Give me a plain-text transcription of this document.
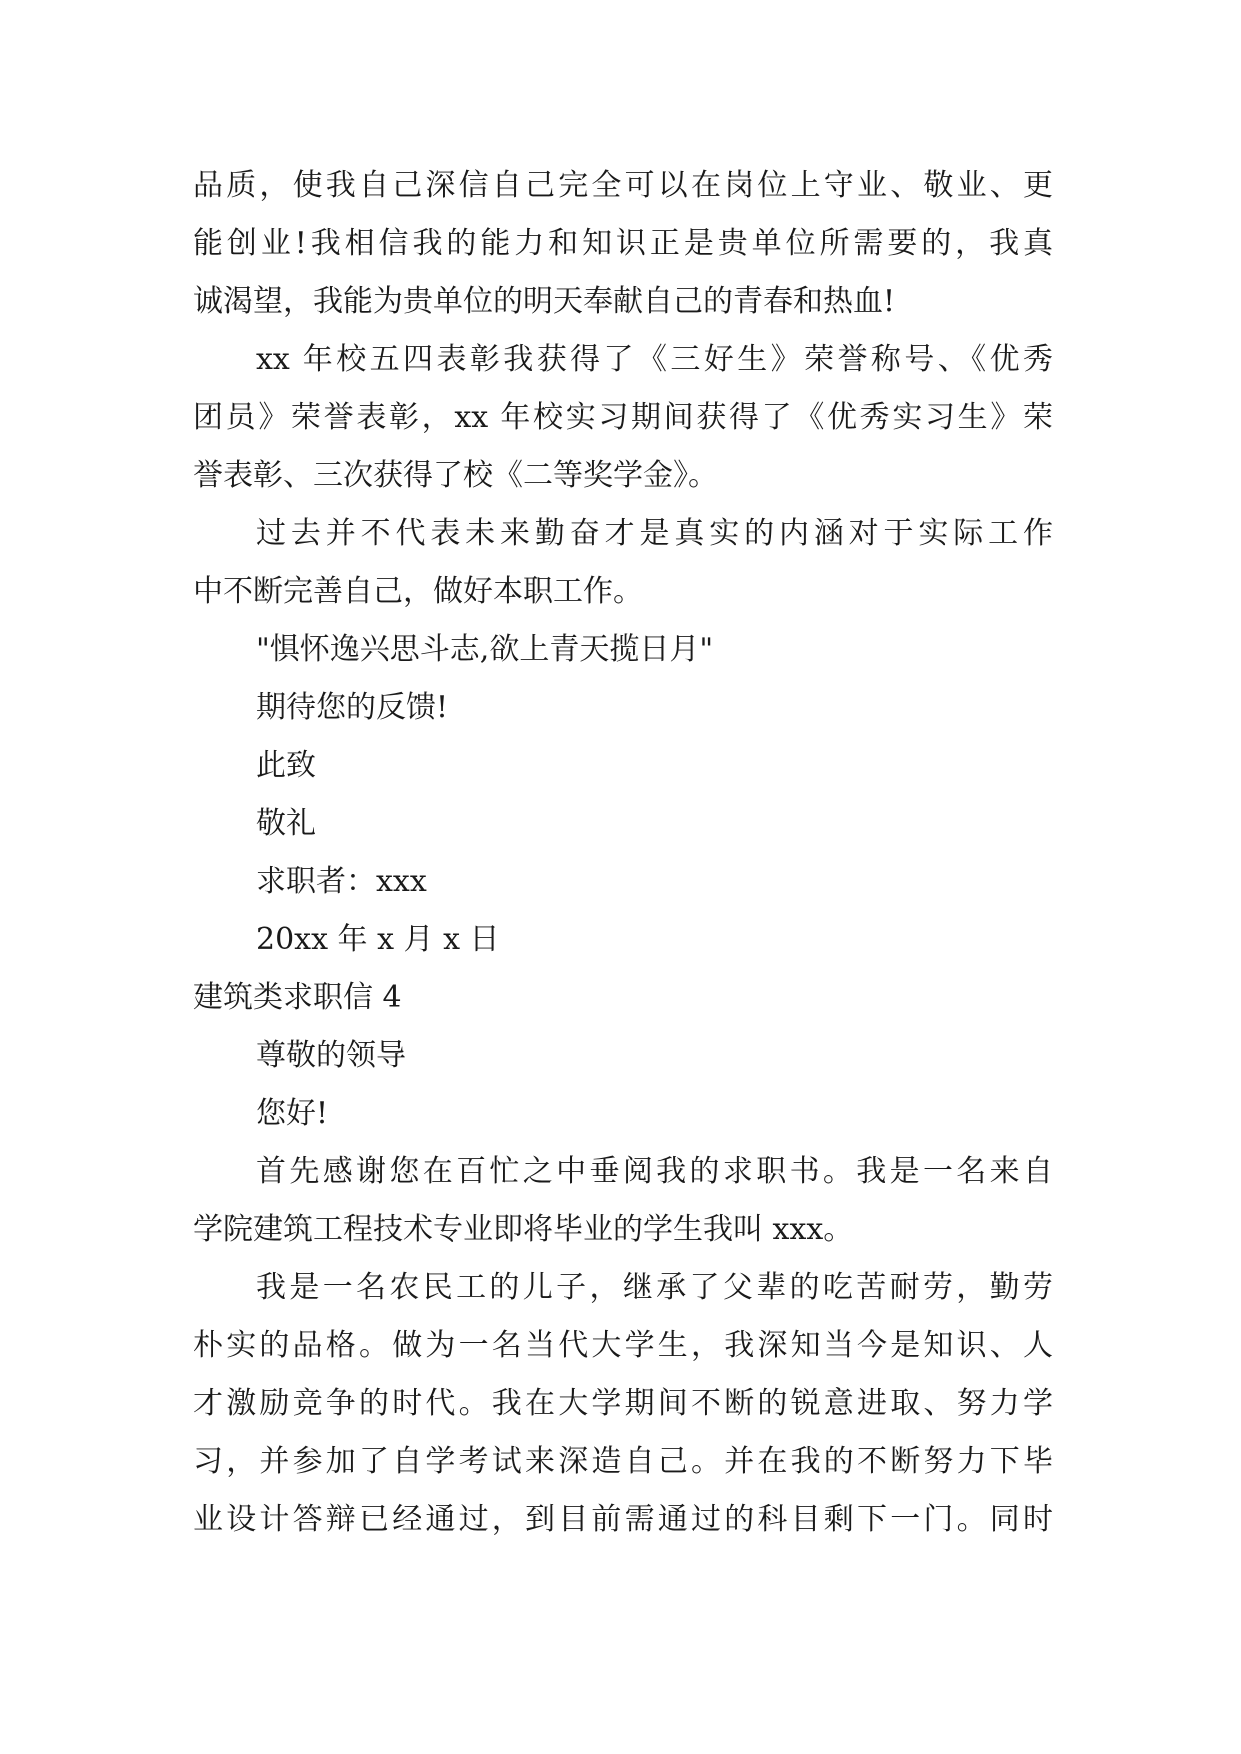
品质，使我自己深信自己完全可以在岗位上守业、敬业、更
能创业!我相信我的能力和知识正是贵单位所需要的，我真
诚渴望，我能为贵单位的明天奉献自己的青春和热血!
xx 年校五四表彰我获得了《三好生》荣誉称号、《优秀
团员》荣誉表彰，xx 年校实习期间获得了《优秀实习生》荣
誉表彰、三次获得了校《二等奖学金》。
过去并不代表未来勤奋才是真实的内涵对于实际工作
中不断完善自己，做好本职工作。
"惧怀逸兴思斗志,欲上青天揽日月"
期待您的反馈!
此致
敬礼
求职者：xxx
20xx 年 x 月 x 日
建筑类求职信 4
尊敬的领导
您好!
首先感谢您在百忙之中垂阅我的求职书。我是一名来自
学院建筑工程技术专业即将毕业的学生我叫 xxx。
我是一名农民工的儿子，继承了父辈的吃苦耐劳，勤劳
朴实的品格。做为一名当代大学生，我深知当今是知识、人
才激励竞争的时代。我在大学期间不断的锐意进取、努力学
习，并参加了自学考试来深造自己。并在我的不断努力下毕
业设计答辩已经通过，到目前需通过的科目剩下一门。同时
